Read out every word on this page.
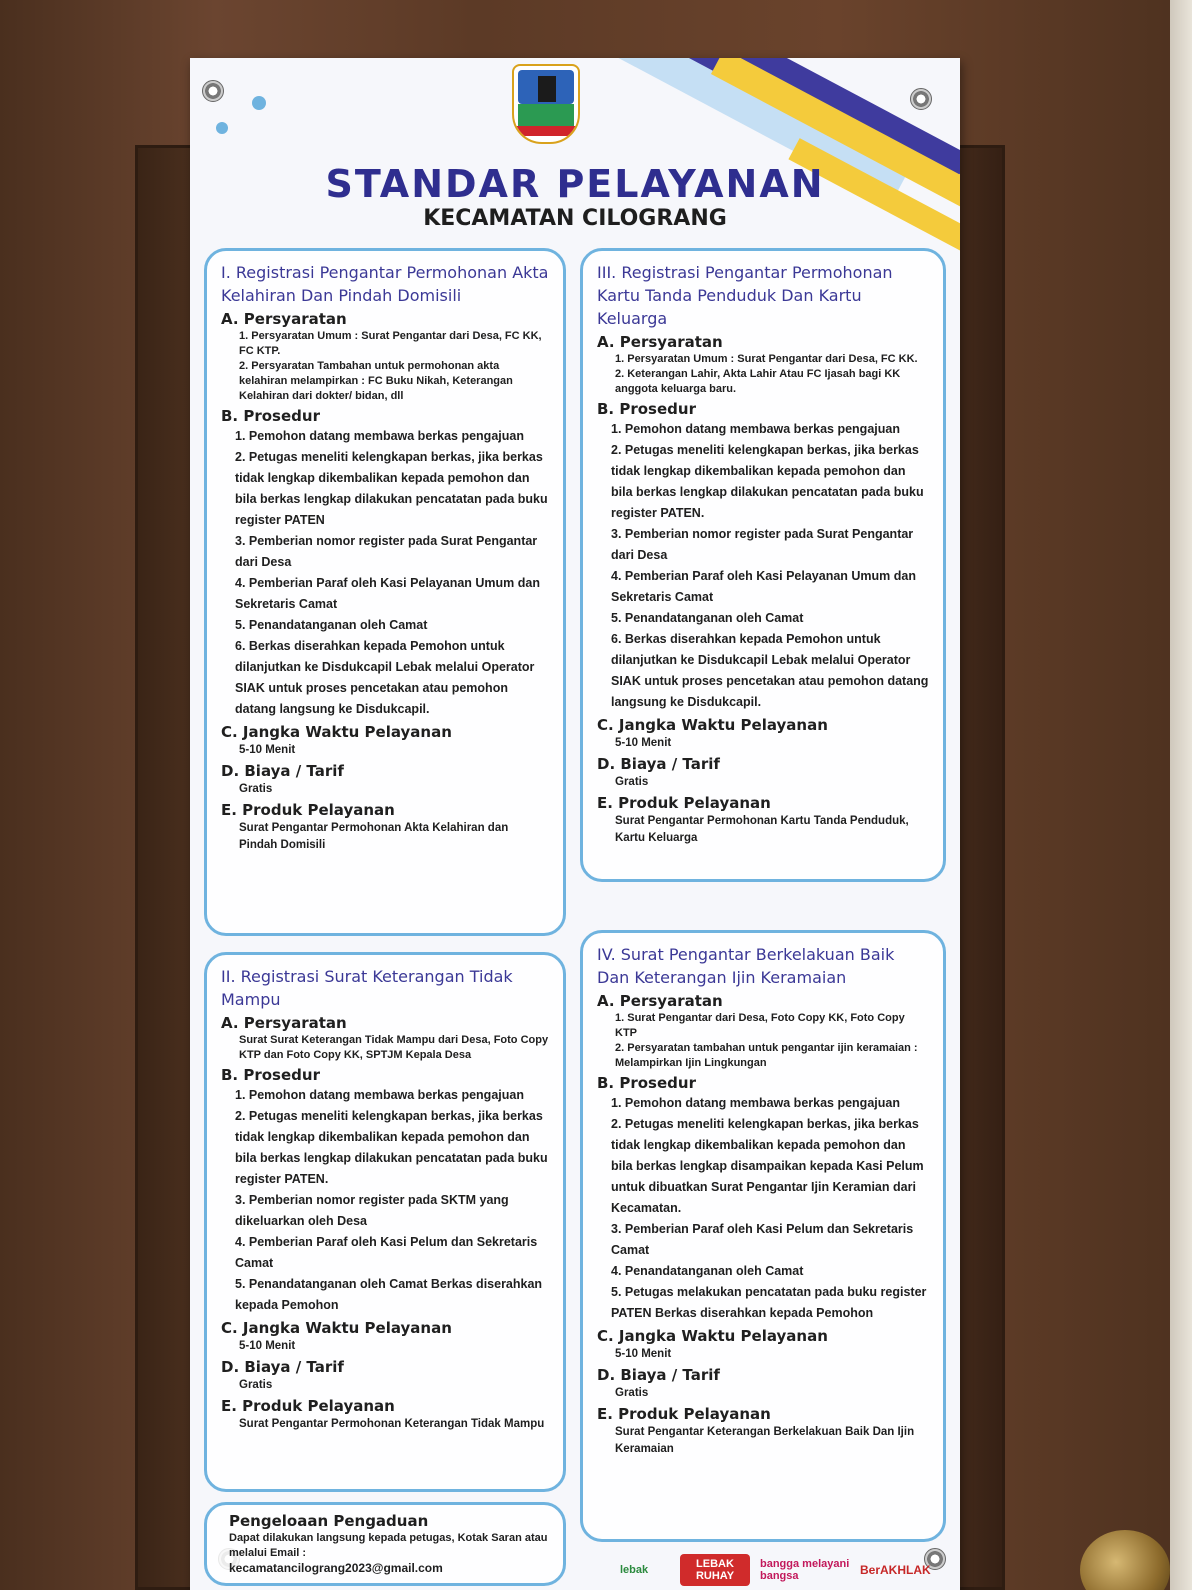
STANDAR PELAYANAN
KECAMATAN CILOGRANG
I. Registrasi Pengantar Permohonan Akta Kelahiran Dan Pindah Domisili
A. Persyaratan
1. Persyaratan Umum : Surat Pengantar dari Desa, FC KK, FC KTP.
2. Persyaratan Tambahan untuk permohonan akta kelahiran melampirkan : FC Buku Nikah, Keterangan Kelahiran dari dokter/ bidan, dll
B. Prosedur
1. Pemohon datang membawa berkas pengajuan
2. Petugas meneliti kelengkapan berkas, jika berkas tidak lengkap dikembalikan kepada pemohon dan bila berkas lengkap dilakukan pencatatan pada buku register PATEN
3. Pemberian nomor register pada Surat Pengantar dari Desa
4. Pemberian Paraf oleh Kasi Pelayanan Umum dan Sekretaris Camat
5. Penandatanganan oleh Camat
6. Berkas diserahkan kepada Pemohon untuk dilanjutkan ke Disdukcapil Lebak melalui Operator SIAK untuk proses pencetakan atau pemohon datang langsung ke Disdukcapil.
C. Jangka Waktu Pelayanan
5-10 Menit
D. Biaya / Tarif
Gratis
E. Produk Pelayanan
Surat Pengantar Permohonan Akta Kelahiran dan Pindah Domisili
III. Registrasi Pengantar Permohonan Kartu Tanda Penduduk Dan Kartu Keluarga
A. Persyaratan
1. Persyaratan Umum : Surat Pengantar dari Desa, FC KK.
2. Keterangan Lahir, Akta Lahir Atau FC Ijasah bagi KK anggota keluarga baru.
B. Prosedur
1. Pemohon datang membawa berkas pengajuan
2. Petugas meneliti kelengkapan berkas, jika berkas tidak lengkap dikembalikan kepada pemohon dan bila berkas lengkap dilakukan pencatatan pada buku register PATEN.
3. Pemberian nomor register pada Surat Pengantar dari Desa
4. Pemberian Paraf oleh Kasi Pelayanan Umum dan Sekretaris Camat
5. Penandatanganan oleh Camat
6. Berkas diserahkan kepada Pemohon untuk dilanjutkan ke Disdukcapil Lebak melalui Operator SIAK untuk proses pencetakan atau pemohon datang langsung ke Disdukcapil.
C. Jangka Waktu Pelayanan
5-10 Menit
D. Biaya / Tarif
Gratis
E. Produk Pelayanan
Surat Pengantar Permohonan Kartu Tanda Penduduk, Kartu Keluarga
II. Registrasi Surat Keterangan Tidak Mampu
A. Persyaratan
Surat Surat Keterangan Tidak Mampu dari Desa, Foto Copy KTP dan Foto Copy KK, SPTJM Kepala Desa
B. Prosedur
1. Pemohon datang membawa berkas pengajuan
2. Petugas meneliti kelengkapan berkas, jika berkas tidak lengkap dikembalikan kepada pemohon dan bila berkas lengkap dilakukan pencatatan pada buku register PATEN.
3. Pemberian nomor register pada SKTM yang dikeluarkan oleh Desa
4. Pemberian Paraf oleh Kasi Pelum dan Sekretaris Camat
5. Penandatanganan oleh Camat Berkas diserahkan kepada Pemohon
C. Jangka Waktu Pelayanan
5-10 Menit
D. Biaya / Tarif
Gratis
E. Produk Pelayanan
Surat Pengantar Permohonan Keterangan Tidak Mampu
IV. Surat Pengantar Berkelakuan Baik Dan Keterangan Ijin Keramaian
A. Persyaratan
1. Surat Pengantar dari Desa, Foto Copy KK, Foto Copy KTP
2. Persyaratan tambahan untuk pengantar ijin keramaian : Melampirkan Ijin Lingkungan
B. Prosedur
1. Pemohon datang membawa berkas pengajuan
2. Petugas meneliti kelengkapan berkas, jika berkas tidak lengkap dikembalikan kepada pemohon dan bila berkas lengkap disampaikan kepada Kasi Pelum untuk dibuatkan Surat Pengantar Ijin Keramian dari Kecamatan.
3. Pemberian Paraf oleh Kasi Pelum dan Sekretaris Camat
4. Penandatanganan oleh Camat
5. Petugas melakukan pencatatan pada buku register PATEN Berkas diserahkan kepada Pemohon
C. Jangka Waktu Pelayanan
5-10 Menit
D. Biaya / Tarif
Gratis
E. Produk Pelayanan
Surat Pengantar Keterangan Berkelakuan Baik Dan Ijin Keramaian
Pengeloaan Pengaduan
Dapat dilakukan langsung kepada petugas, Kotak Saran atau melalui Email :
kecamatancilograng2023@gmail.com	lebak	LEBAK RUHAY
bangga melayani bangsa	BerAKHLAK
